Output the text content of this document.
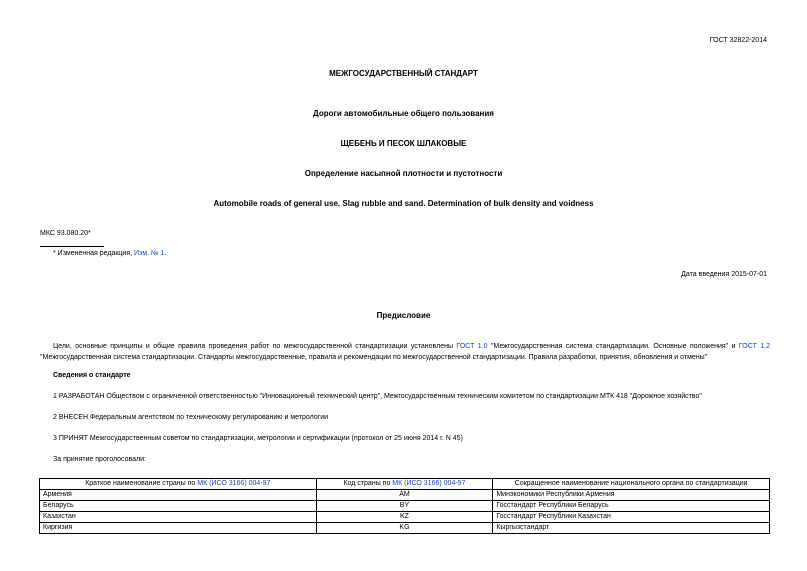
ГОСТ 32822-2014
МЕЖГОСУДАРСТВЕННЫЙ СТАНДАРТ
Дороги автомобильные общего пользования
ЩЕБЕНЬ И ПЕСОК ШЛАКОВЫЕ
Определение насыпной плотности и пустотности
Automobile roads of general use. Slag rubble and sand. Determination of bulk density and voidness
МКС 93.080.20*
* Измененная редакция, Изм. № 1.
Дата введения 2015-07-01
Предисловие
Цели, основные принципы и общие правила проведения работ по межгосударственной стандартизации установлены ГОСТ 1.0 "Межгосударственная система стандартизации. Основные положения" и ГОСТ 1.2 "Межгосударственная система стандартизации. Стандарты межгосударственные, правила и рекомендации по межгосударственной стандартизации. Правила разработки, принятия, обновления и отмены"
Сведения о стандарте
1 РАЗРАБОТАН Обществом с ограниченной ответственностью "Инновационный технический центр", Межгосударственным техническим комитетом по стандартизации МТК 418 "Дорожное хозяйство"
2 ВНЕСЕН Федеральным агентством по техническому регулированию и метрологии
3 ПРИНЯТ Межгосударственным советом по стандартизации, метрологии и сертификации (протокол от 25 июня 2014 г. N 45)
За принятие проголосовали:
Краткое наименование страны по МК (ИСО 3166) 004-97	Код страны по МК (ИСО 3166) 004-97	Сокращенное наименование национального органа по стандартизации
Армения	AM	Минэкономики Республики Армения
Беларусь	BY	Госстандарт Республики Беларусь
Казахстан	KZ	Госстандарт Республики Казахстан
Киргизия	KG	Кыргызстандарт
